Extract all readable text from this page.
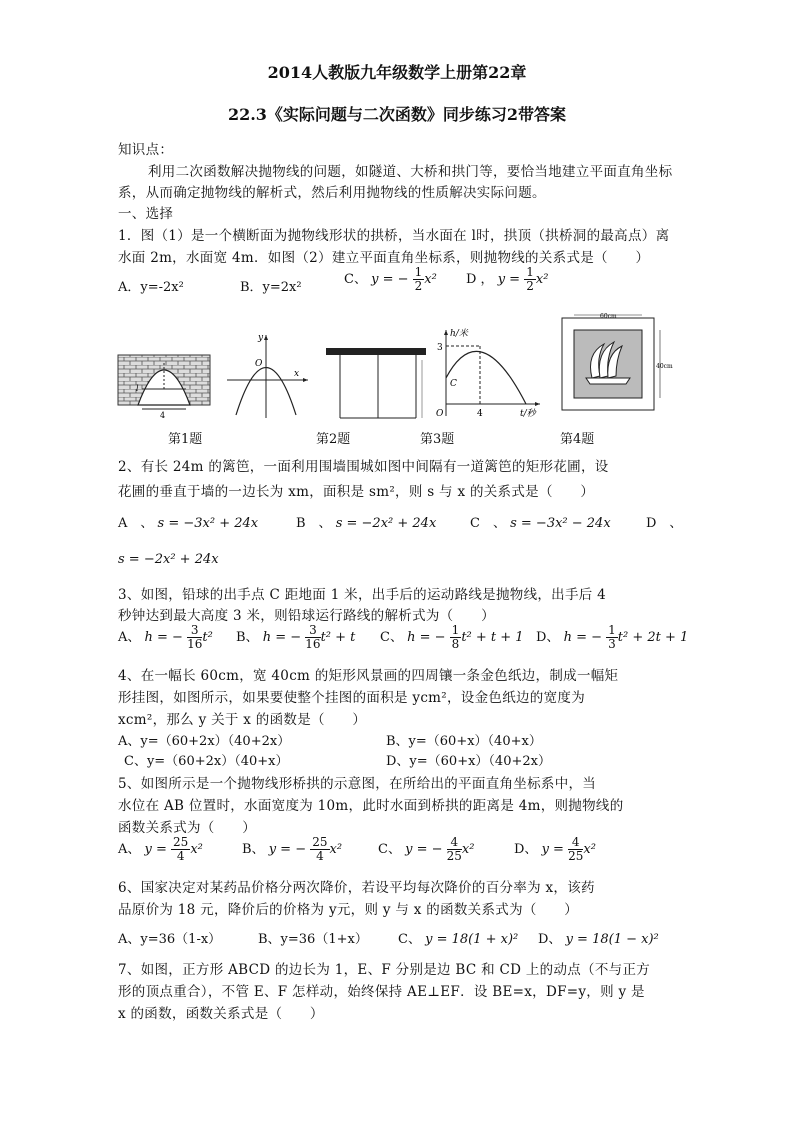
2014人教版九年级数学上册第22章
22.3《实际问题与二次函数》同步练习2带答案
知识点：
利用二次函数解决抛物线的问题，如隧道、大桥和拱门等，要恰当地建立平面直角坐标
系，从而确定抛物线的解析式，然后利用抛物线的性质解决实际问题。
一、选择
1．图（1）是一个横断面为抛物线形状的拱桥，当水面在 l时，拱顶（拱桥洞的最高点）离
水面 2m，水面宽 4m．如图（2）建立平面直角坐标系，则抛物线的关系式是（　　）
A．y=-2x²	B．y=2x²
C、 y = − $\frac{1}{2} x^2$ D ， $y = \frac{1}{2} x^2$
l
4
y
x
O
h/米
3
C
O	4	t/秒
60cm
40cm
第1题	第2题	第3题	第4题
2、有长 24m 的篱笆，一面利用围墙围城如图中间隔有一道篱笆的矩形花圃，设
花圃的垂直于墙的一边长为 xm，面积是 sm²，则 s 与 x 的关系式是（　　）
A　、 s = −3x² + 24x	B　、 s = −2x² + 24x	C　、 s = −3x² − 24x	D　、
s = −2x² + 24x
3、如图，铅球的出手点 C 距地面 1 米，出手后的运动路线是抛物线，出手后 4
秒钟达到最大高度 3 米，则铅球运行路线的解析式为（　　）
A、 h = − $\frac{3}{16} t^2$ B、 h = − $\frac{3}{16} t^2 + t$ C、 h = − $\frac{1}{8} t^2 + t + 1$ D、 h = − $\frac{1}{3} t^2 + 2t + 1$
4、在一幅长 60cm，宽 40cm 的矩形风景画的四周镶一条金色纸边，制成一幅矩
形挂图，如图所示，如果要使整个挂图的面积是 ycm²，设金色纸边的宽度为
xcm²，那么 y 关于 x 的函数是（　　）
A、y=（60+2x）（40+2x）	B、y=（60+x）（40+x）
C、y=（60+2x）（40+x）	D、y=（60+x）（40+2x）
5、如图所示是一个抛物线形桥拱的示意图，在所给出的平面直角坐标系中，当
水位在 AB 位置时，水面宽度为 10m，此时水面到桥拱的距离是 4m，则抛物线的
函数关系式为（　　）
A、 $y = \frac{25}{4} x^2$	B、 y = − $\frac{25}{4} x^2$	C、 y = − $\frac{4}{25} x^2$	D、 $y = \frac{4}{25} x^2$
6、国家决定对某药品价格分两次降价，若设平均每次降价的百分率为 x，该药
品原价为 18 元，降价后的价格为 y元，则 y 与 x 的函数关系式为（　　）
A、y=36（1-x）	B、y=36（1+x） C、 y = 18(1 + x)² D、 y = 18(1 − x)²
7、如图，正方形 ABCD 的边长为 1，E、F 分别是边 BC 和 CD 上的动点（不与正方
形的顶点重合），不管 E、F 怎样动，始终保持 AE⊥EF．设 BE=x，DF=y，则 y 是
x 的函数，函数关系式是（　　）
